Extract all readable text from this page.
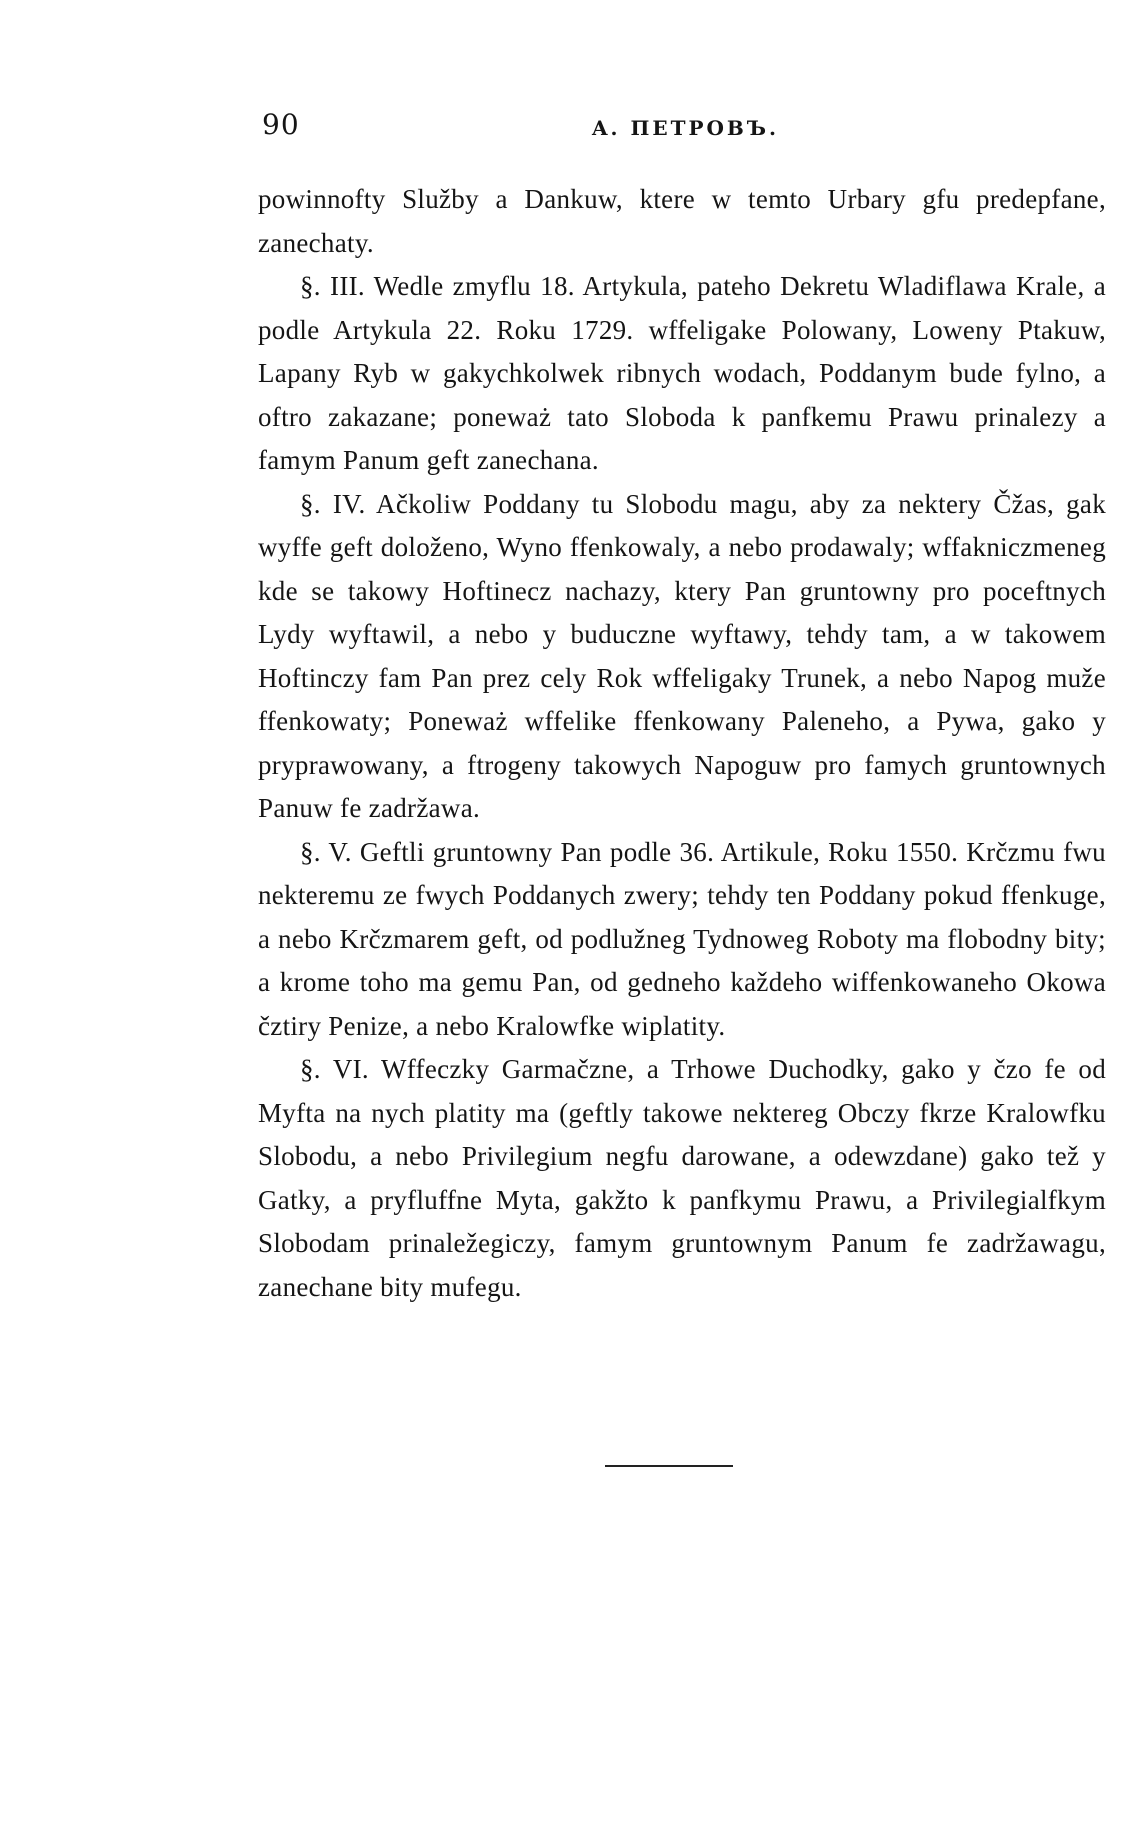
90	A. ПЕТРОВЪ.

powinnofty Služby a Dankuw, ktere w temto Urbary gfu predepfane, zanechaty.

§. III. Wedle zmyflu 18. Artykula, pateho Dekretu Wladiflawa Krale, a podle Artykula 22. Roku 1729. wffeligake Polowany, Loweny Ptakuw, Lapany Ryb w gakychkolwek ribnych wodach, Poddanym bude fylno, a oftro zakazane; poneważ tato Sloboda k panfkemu Prawu prinalezy a famym Panum geft zanechana.

§. IV. Ačkoliw Poddany tu Slobodu magu, aby za nektery Čžas, gak wyffe geft doloženo, Wyno ffenkowaly, a nebo prodawaly; wffakniczmeneg kde se takowy Hoftinecz nachazy, ktery Pan gruntowny pro poceftnych Lydy wyftawil, a nebo y buduczne wyftawy, tehdy tam, a w takowem Hoftinczy fam Pan prez cely Rok wffeligaky Trunek, a nebo Napog muže ffenkowaty; Poneważ wffelike ffenkowany Paleneho, a Pywa, gako y pryprawowany, a ftrogeny takowych Napoguw pro famych gruntownych Panuw fe zadržawa.

§. V. Geftli gruntowny Pan podle 36. Artikule, Roku 1550. Krčzmu fwu nekteremu ze fwych Poddanych zwery; tehdy ten Poddany pokud ffenkuge, a nebo Krčzmarem geft, od podlužneg Tydnoweg Roboty ma flobodny bity; a krome toho ma gemu Pan, od gedneho každeho wiffenkowaneho Okowa čztiry Penize, a nebo Kralowfke wiplatity.

§. VI. Wffeczky Garmačzne, a Trhowe Duchodky, gako y čzo fe od Myfta na nych platity ma (geftly takowe nektereg Obczy fkrze Kralowfku Slobodu, a nebo Privilegium negfu darowane, a odewzdane) gako tež y Gatky, a pryfluffne Myta, gakžto k panfkymu Prawu, a Privilegialfkym Slobodam prinaležegiczy, famym gruntownym Panum fe zadržawagu, zanechane bity mufegu.
